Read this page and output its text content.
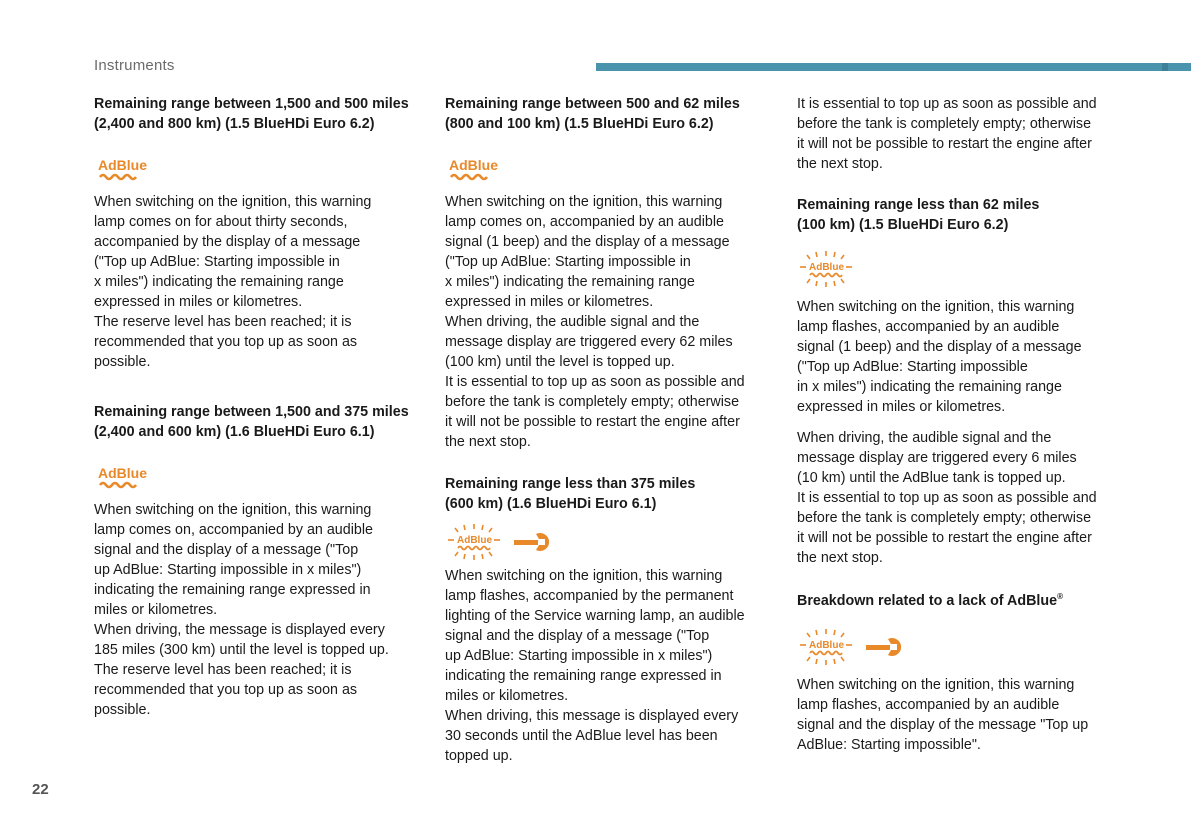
Instruments
Remaining range between 1,500 and 500 miles
(2,400 and 800 km) (1.5 BlueHDi Euro 6.2)
AdBlue
When switching on the ignition, this warning
lamp comes on for about thirty seconds,
accompanied by the display of a message
("Top up AdBlue: Starting impossible in
x miles") indicating the remaining range
expressed in miles or kilometres.
The reserve level has been reached; it is
recommended that you top up as soon as
possible.
Remaining range between 1,500 and 375 miles
(2,400 and 600 km) (1.6 BlueHDi Euro 6.1)
AdBlue
When switching on the ignition, this warning
lamp comes on, accompanied by an audible
signal and the display of a message ("Top
up AdBlue: Starting impossible in x miles")
indicating the remaining range expressed in
miles or kilometres.
When driving, the message is displayed every
185 miles (300 km) until the level is topped up.
The reserve level has been reached; it is
recommended that you top up as soon as
possible.
Remaining range between 500 and 62 miles
(800 and 100 km) (1.5 BlueHDi Euro 6.2)
AdBlue
When switching on the ignition, this warning
lamp comes on, accompanied by an audible
signal (1 beep) and the display of a message
("Top up AdBlue: Starting impossible in
x miles") indicating the remaining range
expressed in miles or kilometres.
When driving, the audible signal and the
message display are triggered every 62 miles
(100 km) until the level is topped up.
It is essential to top up as soon as possible and
before the tank is completely empty; otherwise
it will not be possible to restart the engine after
the next stop.
Remaining range less than 375 miles
(600 km) (1.6 BlueHDi Euro 6.1)
AdBlue
When switching on the ignition, this warning
lamp flashes, accompanied by the permanent
lighting of the Service warning lamp, an audible
signal and the display of a message ("Top
up AdBlue: Starting impossible in x miles")
indicating the remaining range expressed in
miles or kilometres.
When driving, this message is displayed every
30 seconds until the AdBlue level has been
topped up.
It is essential to top up as soon as possible and
before the tank is completely empty; otherwise
it will not be possible to restart the engine after
the next stop.
Remaining range less than 62 miles
(100 km) (1.5 BlueHDi Euro 6.2)
AdBlue
When switching on the ignition, this warning
lamp flashes, accompanied by an audible
signal (1 beep) and the display of a message
("Top up AdBlue: Starting impossible
in x miles") indicating the remaining range
expressed in miles or kilometres.
When driving, the audible signal and the
message display are triggered every 6 miles
(10 km) until the AdBlue tank is topped up.
It is essential to top up as soon as possible and
before the tank is completely empty; otherwise
it will not be possible to restart the engine after
the next stop.
Breakdown related to a lack of AdBlue®
AdBlue
When switching on the ignition, this warning
lamp flashes, accompanied by an audible
signal and the display of the message "Top up
AdBlue: Starting impossible".
22
